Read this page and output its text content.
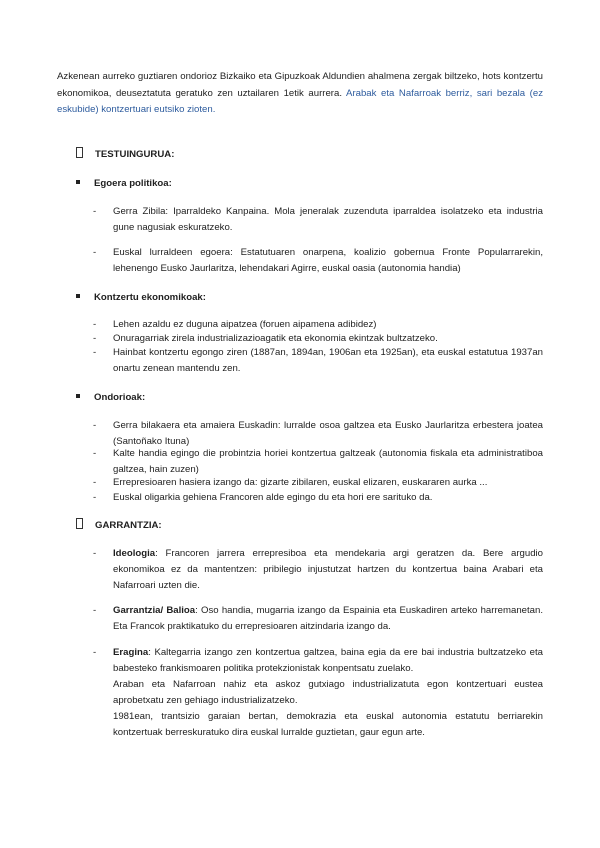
Azkenean aurreko guztiaren ondorioz Bizkaiko eta Gipuzkoak Aldundien ahalmena zergak biltzeko, hots kontzertu ekonomikoa, deuseztatuta geratuko zen uztailaren 1etik aurrera. Arabak eta Nafarroak berriz, sari bezala (ez eskubide) kontzertuari eutsiko zioten.
TESTUINGURUA:
Egoera politikoa:
- Gerra Zibila: Iparraldeko Kanpaina. Mola jeneralak zuzenduta iparraldea isolatzeko eta industria gune nagusiak eskuratzeko.
- Euskal lurraldeen egoera: Estatutuaren onarpena, koalizio gobernua Fronte Popularrarekin, lehenengo Eusko Jaurlaritza, lehendakari Agirre, euskal oasia (autonomia handia)
Kontzertu ekonomikoak:
- Lehen azaldu ez duguna aipatzea (foruen aipamena adibidez)
- Onuragarriak zirela industrializazioagatik eta ekonomia ekintzak bultzatzeko.
- Hainbat kontzertu egongo ziren (1887an, 1894an, 1906an eta 1925an), eta euskal estatutua 1937an onartu zenean mantendu zen.
Ondorioak:
- Gerra bilakaera eta amaiera Euskadin: lurralde osoa galtzea eta Eusko Jaurlaritza erbestera joatea (Santoñako Ituna)
- Kalte handia egingo die probintzia horiei kontzertua galtzeak (autonomia fiskala eta administratiboa galtzea, hain zuzen)
- Errepresioaren hasiera izango da: gizarte zibilaren, euskal elizaren, euskararen aurka ...
- Euskal oligarkia gehiena Francoren alde egingo du eta hori ere sarituko da.
GARRANTZIA:
- Ideologia: Francoren jarrera errepresiboa eta mendekaria argi geratzen da. Bere argudio ekonomikoa ez da mantentzen: pribilegio injustutzat hartzen du kontzertua baina Arabari eta Nafarroari uzten die.
- Garrantzia/ Balioa: Oso handia, mugarria izango da Espainia eta Euskadiren arteko harremanetan. Eta Francok praktikatuko du errepresioaren aitzindaria izango da.
- Eragina: Kaltegarria izango zen kontzertua galtzea, baina egia da ere bai industria bultzatzeko eta babesteko frankismoaren politika protekzionistak konpentsatu zuelako.

Araban eta Nafarroan nahiz eta askoz gutxiago industrializatuta egon kontzertuari eustea aprobetxatu zen gehiago industrializatzeko.

1981ean, trantsizio garaian bertan, demokrazia eta euskal autonomia estatutu berriarekin kontzertuak berreskuratuko dira euskal lurralde guztietan, gaur egun arte.
